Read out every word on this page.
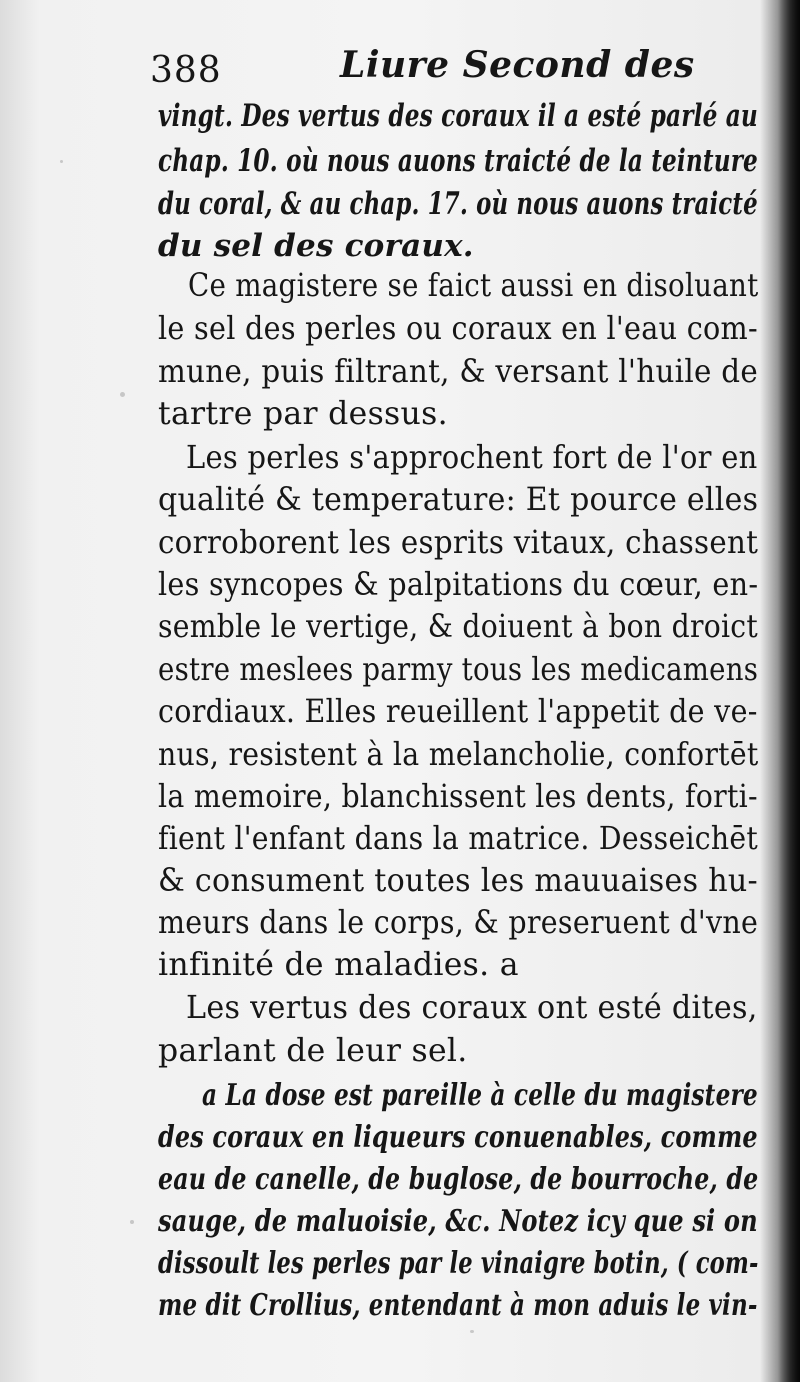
388	Liure Second des
vingt. Des vertus des coraux il a esté parlé au
chap. 10. où nous auons traicté de la teinture
du coral, & au chap. 17. où nous auons traicté
du sel des coraux.
Ce magistere se faict aussi en disoluant
le sel des perles ou coraux en l'eau com-
mune, puis filtrant, & versant l'huile de
tartre par dessus.
Les perles s'approchent fort de l'or en
qualité & temperature: Et pource elles
corroborent les esprits vitaux, chassent
les syncopes & palpitations du cœur, en-
semble le vertige, & doiuent à bon droict
estre meslees parmy tous les medicamens
cordiaux. Elles reueillent l'appetit de ve-
nus, resistent à la melancholie, confortēt
la memoire, blanchissent les dents, forti-
fient l'enfant dans la matrice. Desseichēt
& consument toutes les mauuaises hu-
meurs dans le corps, & preseruent d'vne
infinité de maladies. a
Les vertus des coraux ont esté dites,
parlant de leur sel.
a La dose est pareille à celle du magistere
des coraux en liqueurs conuenables, comme
eau de canelle, de buglose, de bourroche, de
sauge, de maluoisie, &c. Notez icy que si on
dissoult les perles par le vinaigre botin, ( com-
me dit Crollius, entendant à mon aduis le vin-
